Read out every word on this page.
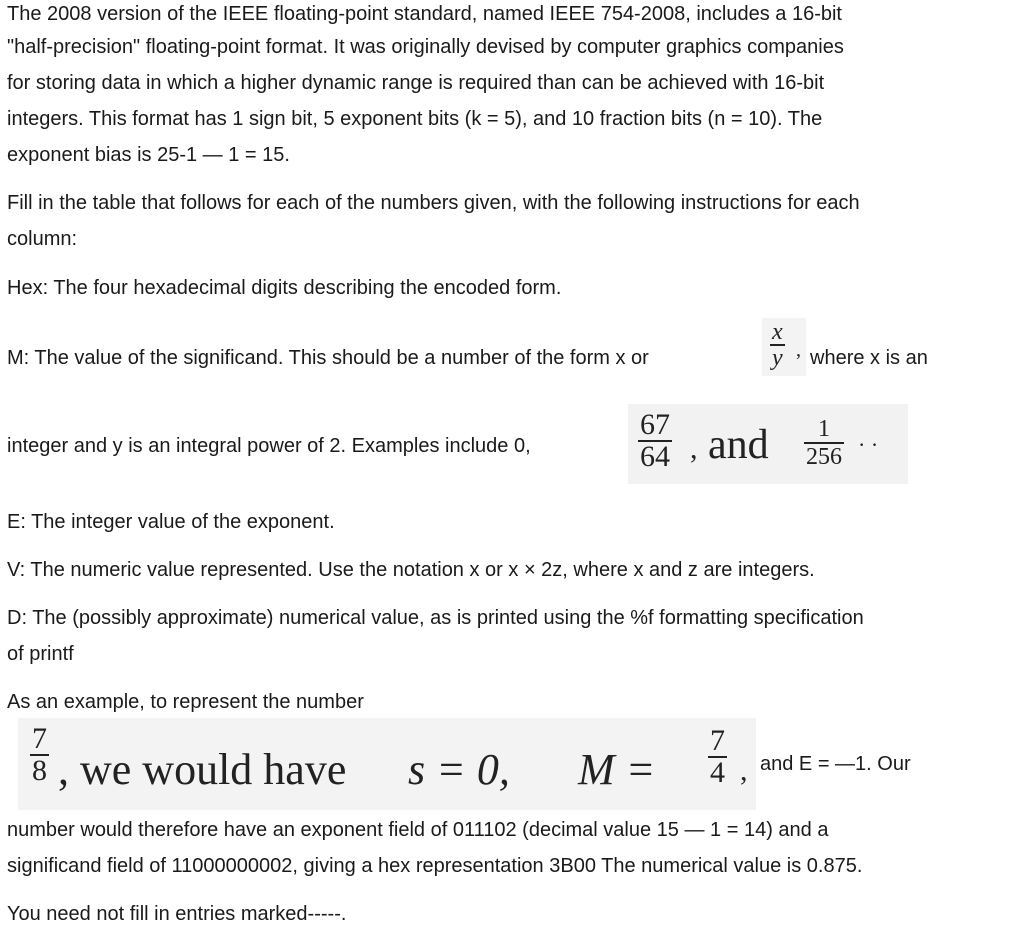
The 2008 version of the IEEE floating-point standard, named IEEE 754-2008, includes a 16-bit
"half-precision" floating-point format. It was originally devised by computer graphics companies
for storing data in which a higher dynamic range is required than can be achieved with 16-bit
integers. This format has 1 sign bit, 5 exponent bits (k = 5), and 10 fraction bits (n = 10). The
exponent bias is 25-1 — 1 = 15.
Fill in the table that follows for each of the numbers given, with the following instructions for each
column:
Hex: The four hexadecimal digits describing the encoded form.
M: The value of the significand. This should be a number of the form x or	$\frac{x}{y}$ , where x is an
integer and y is an integral power of 2. Examples include 0,	$\frac{67}{64}$ , and $\frac{1}{256}$ · ·
E: The integer value of the exponent.
V: The numeric value represented. Use the notation x or x × 2z, where x and z are integers.
D: The (possibly approximate) numerical value, as is printed using the %f formatting specification
of printf
As an example, to represent the number
$\frac{7}{8}$ , we would have s = 0, $M = \frac{7}{4}$ , and E = —1. Our
number would therefore have an exponent field of 011102 (decimal value 15 — 1 = 14) and a
significand field of 11000000002, giving a hex representation 3B00 The numerical value is 0.875.
You need not fill in entries marked-----.
